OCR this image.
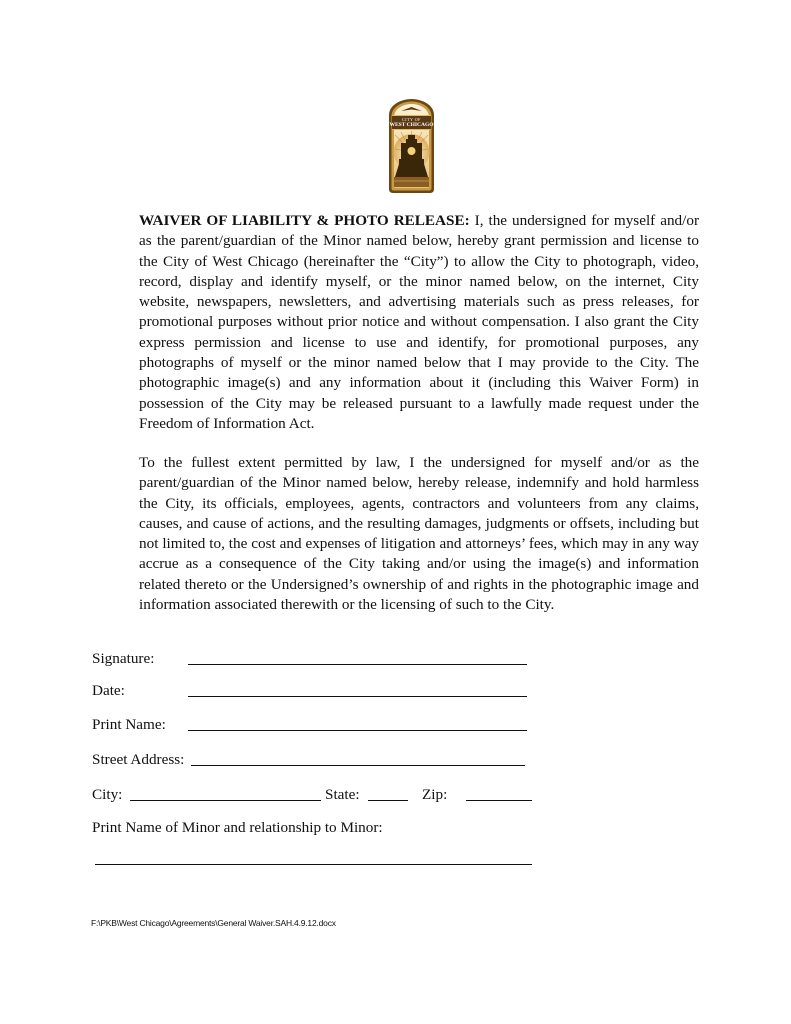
CITY OF
WEST CHICAGO

WAIVER OF LIABILITY & PHOTO RELEASE: I, the undersigned for myself and/or as the parent/guardian of the Minor named below, hereby grant permission and license to the City of West Chicago (hereinafter the “City”) to allow the City to photograph, video, record, display and identify myself, or the minor named below, on the internet, City website, newspapers, newsletters, and advertising materials such as press releases, for promotional purposes without prior notice and without compensation. I also grant the City express permission and license to use and identify, for promotional purposes, any photographs of myself or the minor named below that I may provide to the City. The photographic image(s) and any information about it (including this Waiver Form) in possession of the City may be released pursuant to a lawfully made request under the Freedom of Information Act.

To the fullest extent permitted by law, I the undersigned for myself and/or as the parent/guardian of the Minor named below, hereby release, indemnify and hold harmless the City, its officials, employees, agents, contractors and volunteers from any claims, causes, and cause of actions, and the resulting damages, judgments or offsets, including but not limited to, the cost and expenses of litigation and attorneys’ fees, which may in any way accrue as a consequence of the City taking and/or using the image(s) and information related thereto or the Undersigned’s ownership of and rights in the photographic image and information associated therewith or the licensing of such to the City.

Signature:
Date:
Print Name:
Street Address:
City:	State:	Zip:
Print Name of Minor and relationship to Minor:
F:\PKB\West Chicago\Agreements\General Waiver.SAH.4.9.12.docx
